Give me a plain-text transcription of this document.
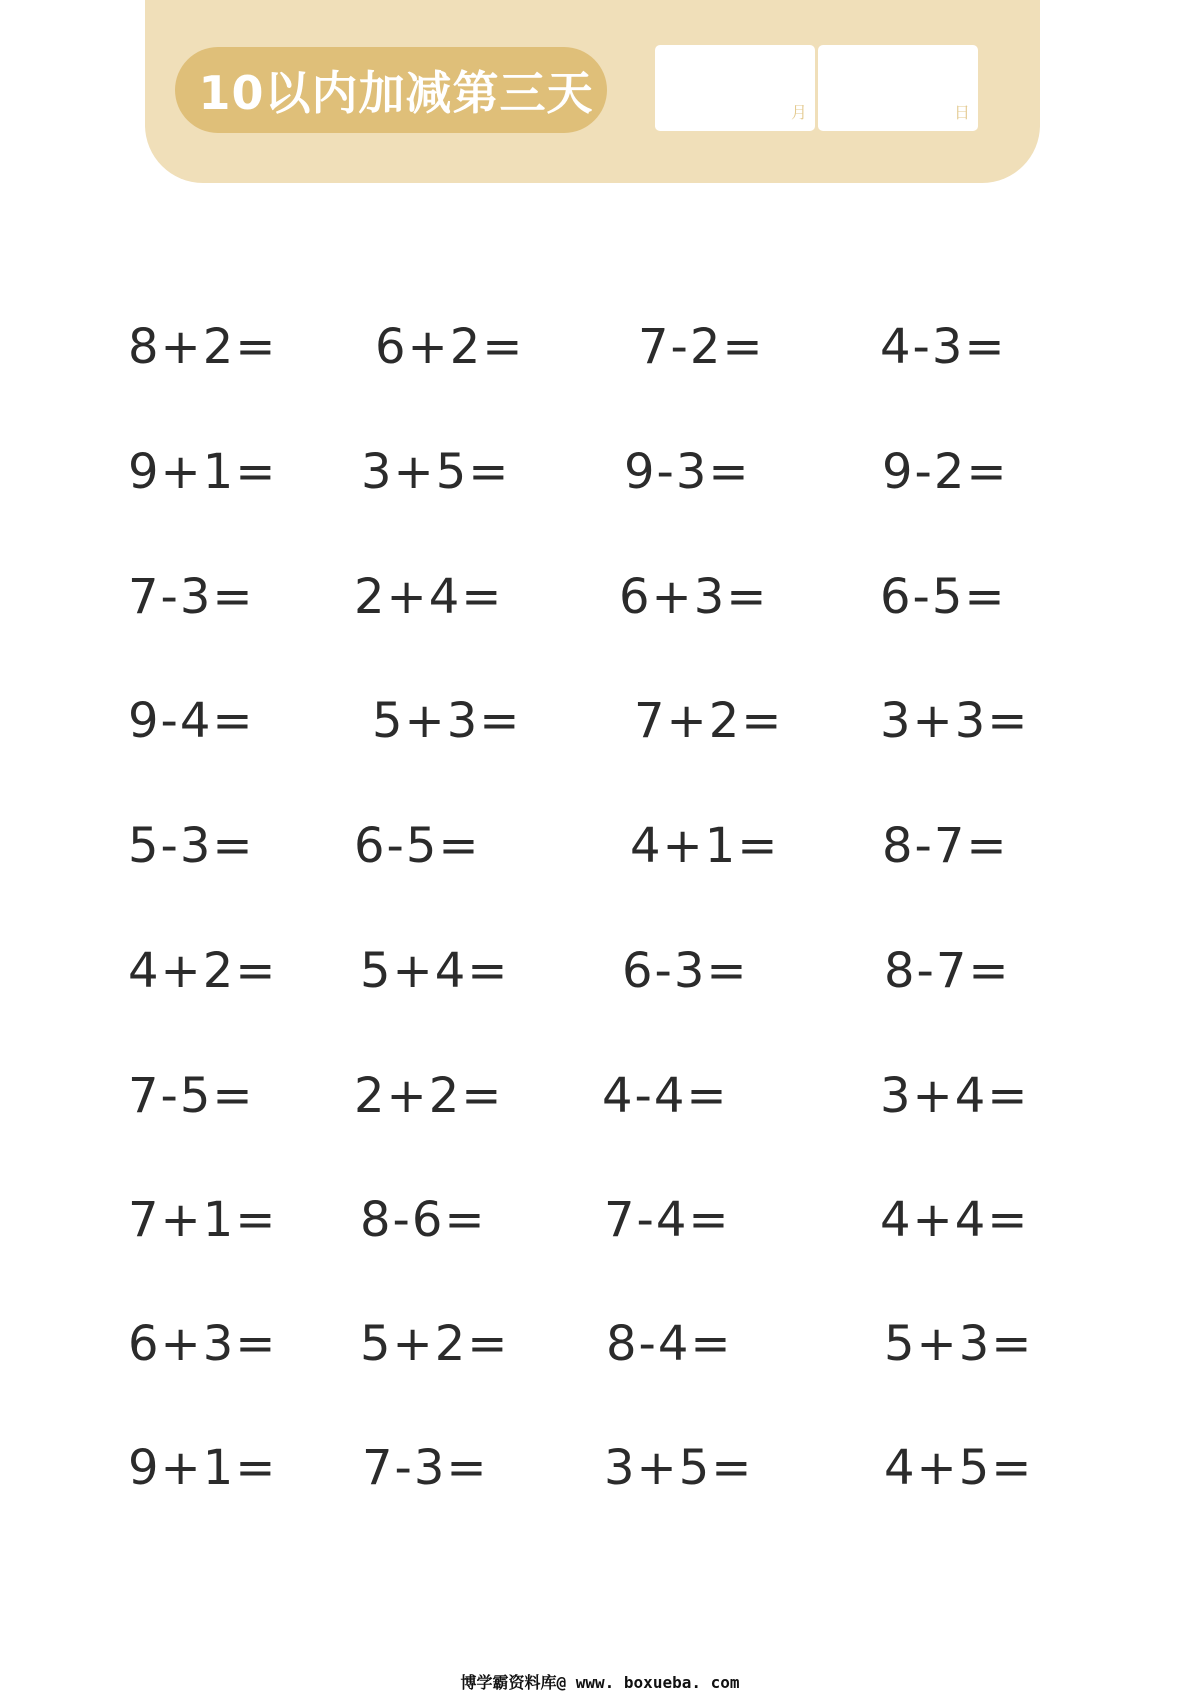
10以内加减第三天	月	日
8+2= 6+2= 7-2= 4-3=
9+1= 3+5= 9-3=	9-2=
7-3= 2+4= 6+3= 6-5=
9-4= 5+3= 7+2= 3+3=
5-3= 6-5=	4+1= 8-7=
4+2= 5+4= 6-3=	8-7=
7-5= 2+2= 4-4=	3+4=
7+1= 8-6= 7-4=	4+4=
6+3= 5+2= 8-4=	5+3=
9+1= 7-3= 3+5=	4+5=
博学霸资料库@ www. boxueba. com
